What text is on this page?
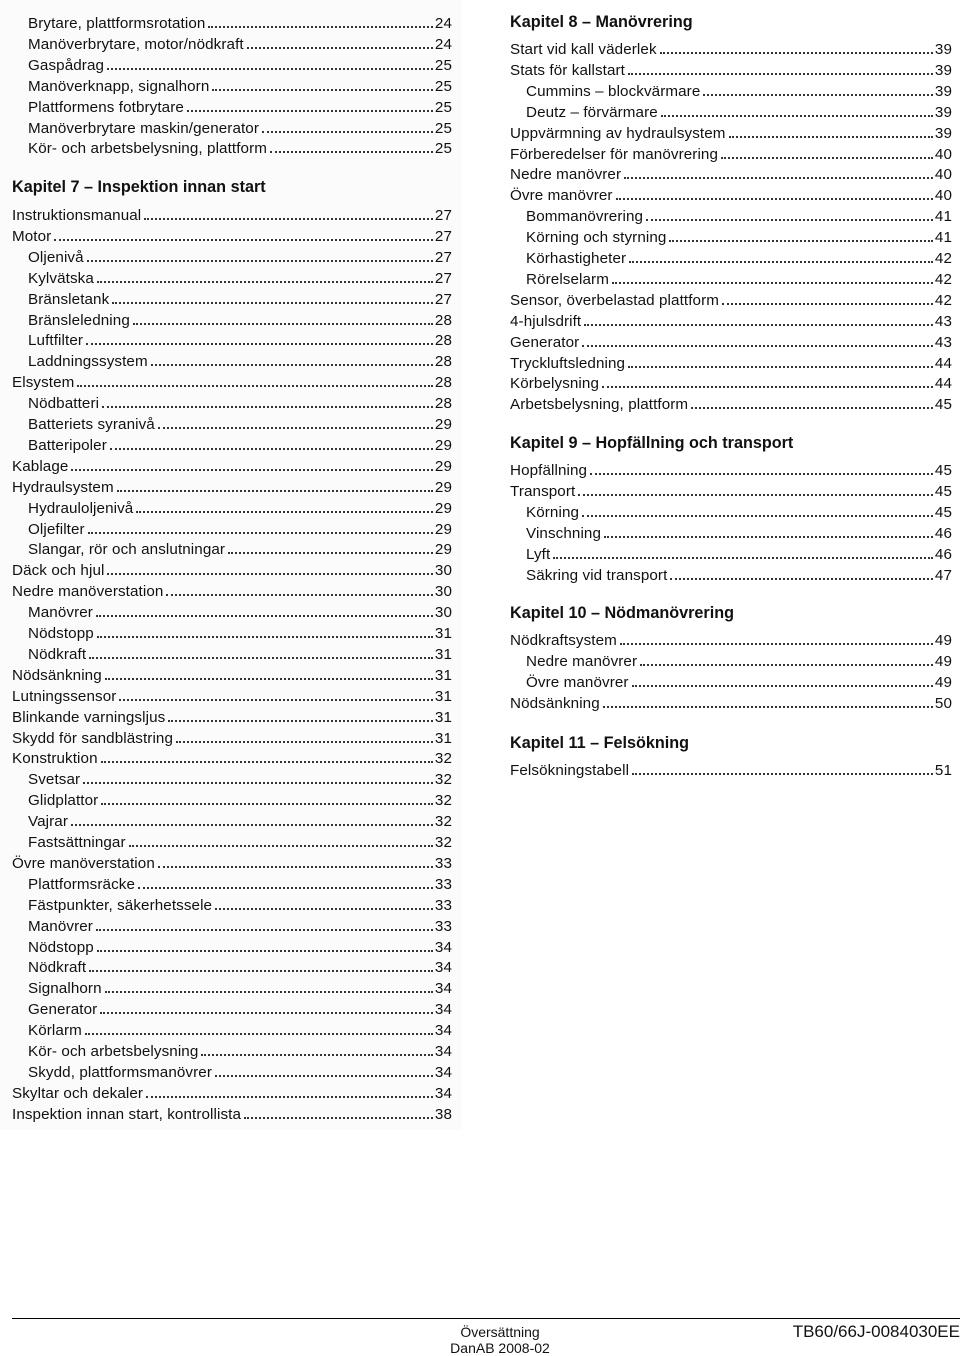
Brytare, plattformsrotation	24
Manöverbrytare, motor/nödkraft	24
Gaspådrag	25
Manöverknapp, signalhorn	25
Plattformens fotbrytare	25
Manöverbrytare maskin/generator	25
Kör- och arbetsbelysning, plattform	25
Kapitel 7 – Inspektion innan start
Instruktionsmanual	27
Motor	27
Oljenivå	27
Kylvätska	27
Bränsletank	27
Bränsleledning	28
Luftfilter	28
Laddningssystem	28
Elsystem	28
Nödbatteri	28
Batteriets syranivå	29
Batteripoler	29
Kablage	29
Hydraulsystem	29
Hydrauloljenivå	29
Oljefilter	29
Slangar, rör och anslutningar	29
Däck och hjul	30
Nedre manöverstation	30
Manövrer	30
Nödstopp	31
Nödkraft	31
Nödsänkning	31
Lutningssensor	31
Blinkande varningsljus	31
Skydd för sandblästring	31
Konstruktion	32
Svetsar	32
Glidplattor	32
Vajrar	32
Fastsättningar	32
Övre manöverstation	33
Plattformsräcke	33
Fästpunkter, säkerhetssele	33
Manövrer	33
Nödstopp	34
Nödkraft	34
Signalhorn	34
Generator	34
Körlarm	34
Kör- och arbetsbelysning	34
Skydd, plattformsmanövrer	34
Skyltar och dekaler	34
Inspektion innan start, kontrollista	38
Kapitel 8 – Manövrering
Start vid kall väderlek	39
Stats för kallstart	39
Cummins – blockvärmare	39
Deutz – förvärmare	39
Uppvärmning av hydraulsystem	39
Förberedelser för manövrering	40
Nedre manövrer	40
Övre manövrer	40
Bommanövrering	41
Körning och styrning	41
Körhastigheter	42
Rörelselarm	42
Sensor, överbelastad plattform	42
4-hjulsdrift	43
Generator	43
Tryckluftsledning	44
Körbelysning	44
Arbetsbelysning, plattform	45
Kapitel 9 – Hopfällning och transport
Hopfällning	45
Transport	45
Körning	45
Vinschning	46
Lyft	46
Säkring vid transport	47
Kapitel 10 – Nödmanövrering
Nödkraftsystem	49
Nedre manövrer	49
Övre manövrer	49
Nödsänkning	50
Kapitel 11 – Felsökning
Felsökningstabell	51
Översättning
DanAB 2008-02
TB60/66J-0084030EE
